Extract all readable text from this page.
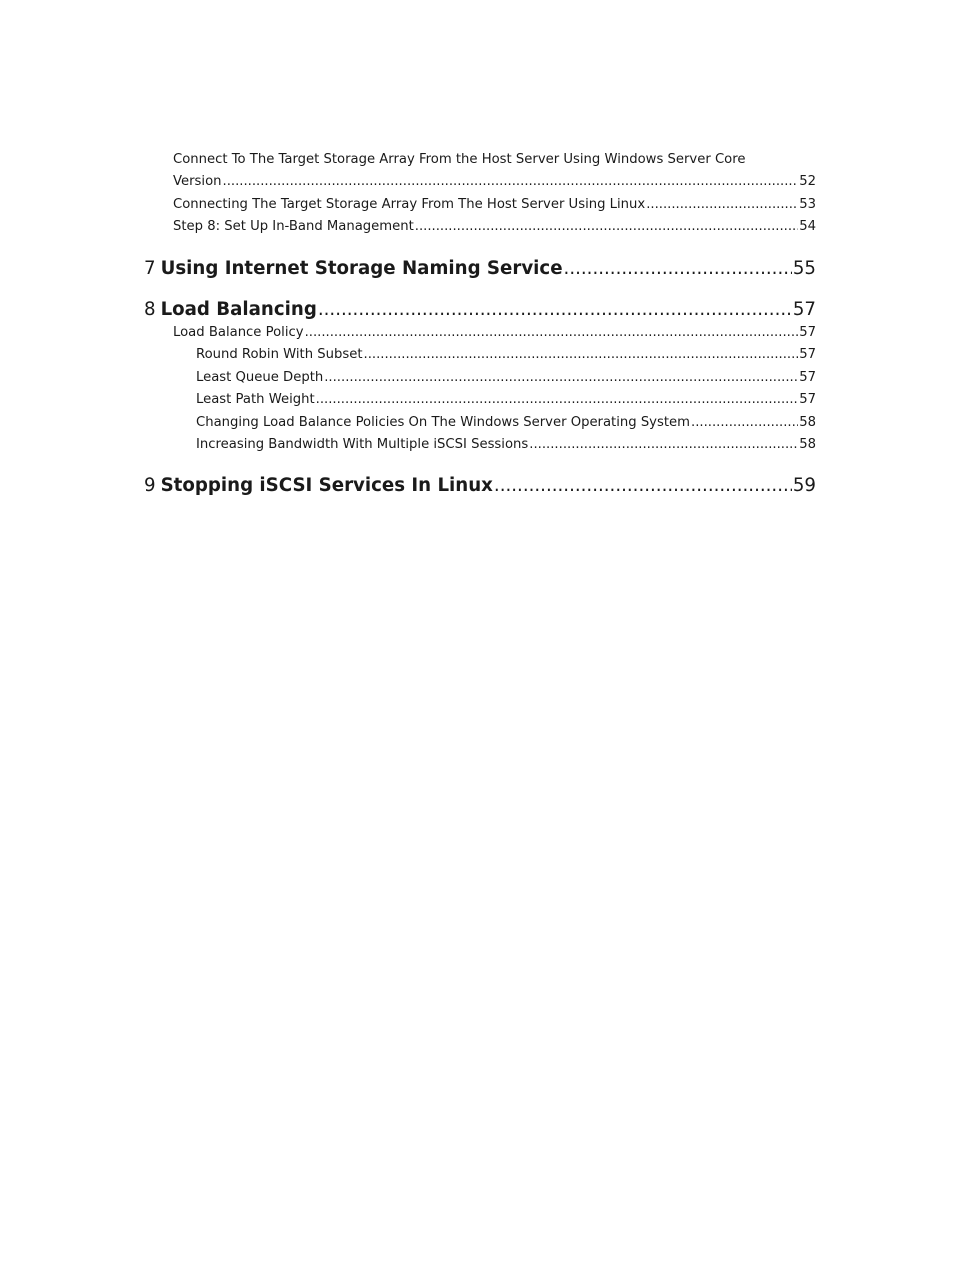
Connect To The Target Storage Array From the Host Server Using Windows Server Core
Version .....	52
Connecting The Target Storage Array From The Host Server Using Linux .....	53
Step 8: Set Up In-Band Management .....	54
7 Using Internet Storage Naming Service .....	55
8 Load Balancing .....	57
Load Balance Policy .....	57
Round Robin With Subset .....	57
Least Queue Depth .....	57
Least Path Weight .....	57
Changing Load Balance Policies On The Windows Server Operating System .....	58
Increasing Bandwidth With Multiple iSCSI Sessions .....	58
9 Stopping iSCSI Services In Linux .....	59
